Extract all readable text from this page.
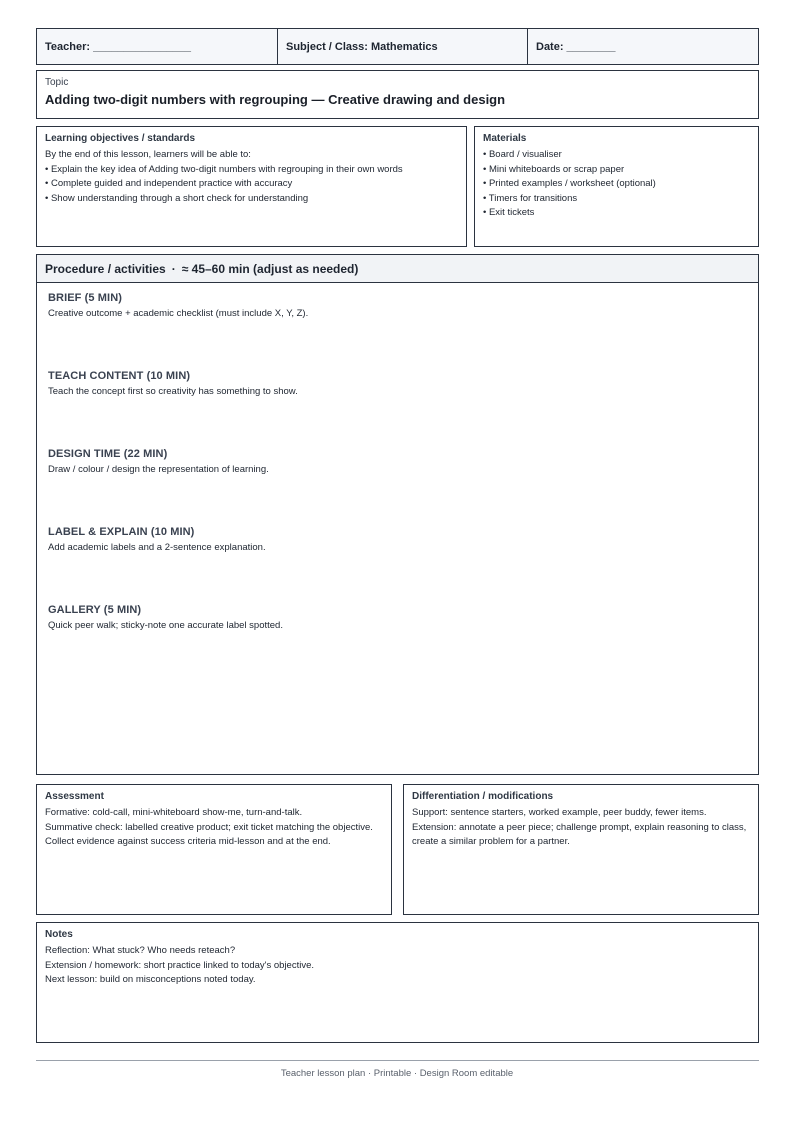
Teacher: ________________	Subject / Class: Mathematics	Date: ________
Topic
Adding two-digit numbers with regrouping — Creative drawing and design
Learning objectives / standards
By the end of this lesson, learners will be able to:
• Explain the key idea of Adding two-digit numbers with regrouping in their own words
• Complete guided and independent practice with accuracy
• Show understanding through a short check for understanding
Materials
• Board / visualiser
• Mini whiteboards or scrap paper
• Printed examples / worksheet (optional)
• Timers for transitions
• Exit tickets
Procedure / activities · ≈ 45–60 min (adjust as needed)
BRIEF (5 MIN)
Creative outcome + academic checklist (must include X, Y, Z).
TEACH CONTENT (10 MIN)
Teach the concept first so creativity has something to show.
DESIGN TIME (22 MIN)
Draw / colour / design the representation of learning.
LABEL & EXPLAIN (10 MIN)
Add academic labels and a 2-sentence explanation.
GALLERY (5 MIN)
Quick peer walk; sticky-note one accurate label spotted.
Assessment
Formative: cold-call, mini-whiteboard show-me, turn-and-talk.
Summative check: labelled creative product; exit ticket matching the objective.
Collect evidence against success criteria mid-lesson and at the end.
Differentiation / modifications
Support: sentence starters, worked example, peer buddy, fewer items.
Extension: annotate a peer piece; challenge prompt, explain reasoning to class, create a similar problem for a partner.
Notes
Reflection: What stuck? Who needs reteach?
Extension / homework: short practice linked to today's objective.
Next lesson: build on misconceptions noted today.
Teacher lesson plan · Printable · Design Room editable
